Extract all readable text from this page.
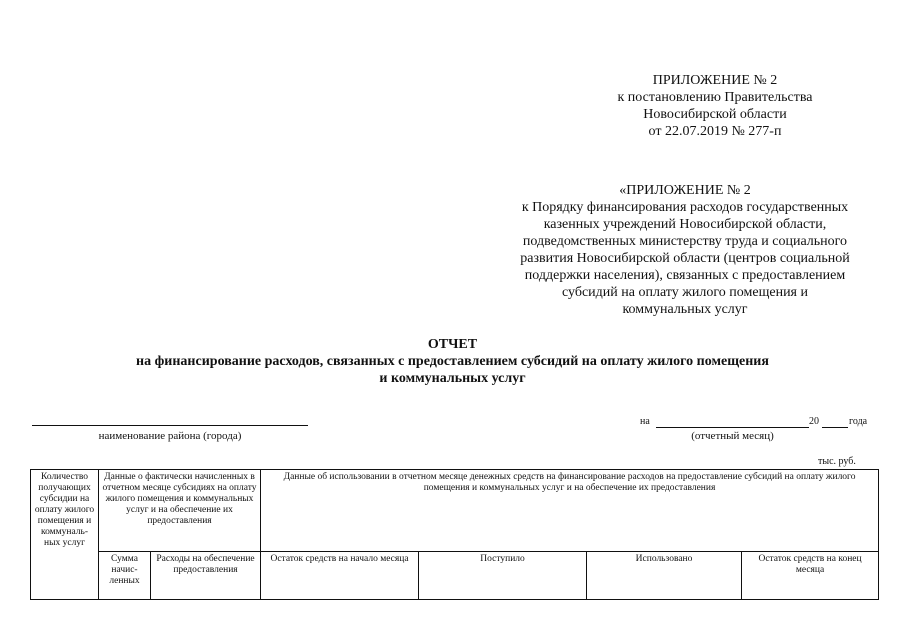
ПРИЛОЖЕНИЕ № 2
к постановлению Правительства
Новосибирской области
от 22.07.2019 № 277-п
«ПРИЛОЖЕНИЕ № 2
к Порядку финансирования расходов государственных
казенных учреждений Новосибирской области,
подведомственных министерству труда и социального
развития Новосибирской области (центров социальной
поддержки населения), связанных с предоставлением
субсидий на оплату жилого помещения и
коммунальных услуг
ОТЧЕТ
на финансирование расходов, связанных с предоставлением субсидий на оплату жилого помещения
и коммунальных услуг
наименование района (города)
на	20	года
(отчетный месяц)
тыс. руб.
Количество получающих субсидии на оплату жилого помещения и коммуналь-ных услуг	Данные о фактически начисленных в отчетном месяце субсидиях на оплату жилого помещения и коммунальных услуг и на обеспечение их предоставления		Данные об использовании в отчетном месяце денежных средств на финансирование расходов на предоставление субсидий на оплату жилого помещения и коммунальных услуг и на обеспечение их предоставления			
	Сумма начис-ленных	Расходы на обеспечение предоставления	Остаток средств на начало месяца	Поступило	Использовано	Остаток средств на конец месяца
